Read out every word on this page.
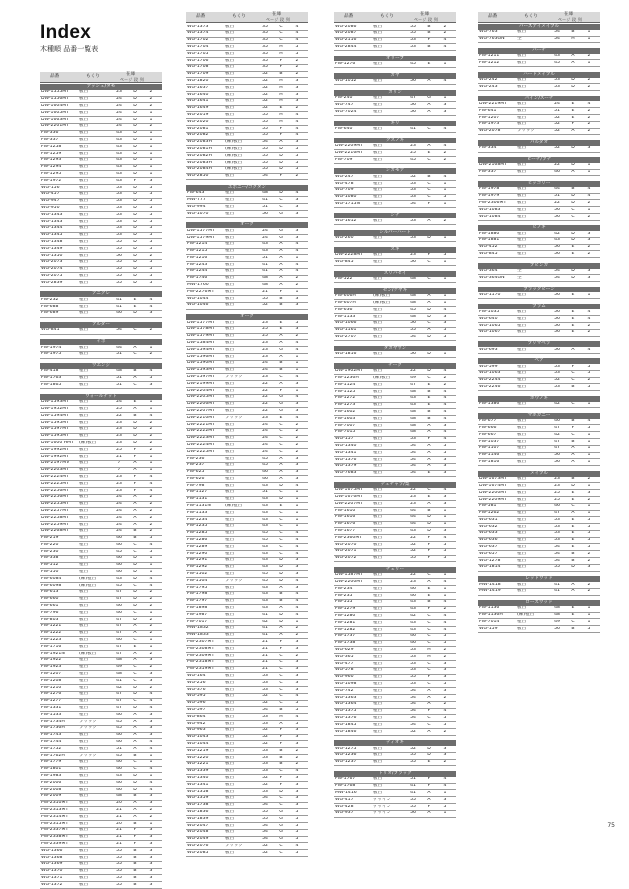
Index
木種順 品番一覧表
品番	もくり	在庫
ページ 段 列
アッシュ/タモ
DW-1555MT	板目	23	D	2
DW-1556MT	板目	24	D	2
DW-1604MT	板目	24	D	2
DW-1605MT	板目	24	D	1
DW-1663MT	板目	24	D	1
DW-2201MT	板目	24	D	2
FW-336	板目	43	D	1
FW-337	板目	43	D	1
FW-1258	板目	43	D	1
FW-1259	板目	43	D	1
FW-1293	板目	43	D	1
FW-1294	板目	43	D	1
FW-1295	板目	43	D	1
FW-1972	板目	43	F	3
WG-156	板目	53	D	5
WG-457	板目	53	D	5
WG-947	板目	53	D	5
WG-950	板目	53	D	5
WG-1343	板目	53	D	5
WG-1343	板目	53	D	5
WG-1344	板目	53	D	5
WG-1345	板目	53	D	5
WG-1348	板目	55	D	5
WG-1349	板目	55	D	5
WG-1350	板目	56	D	2
WG-2073	板目	55	D	5
WG-2074	板目	55	D	5
WG-2075	板目	55	D	5
WG-2839	板目	55	D	5
アニグレ
FW-232	柾目	41	E	4
FW-688	柾目	41	E	4
FW-689	板目	46	D	3
アルダー
WG-841	板目	54	C	2
イボ
FW-1974	板目	44	A	1
FW-1975	板目	51	C	2
ウエンジ
FW-418	柾目	48	B	4
FW-1763	板目	51	A	5
FW-1865	板目	51	C	3
ウォールナット
DW-1593MT	板目	24	E	1
DW-1952MT	板目	25	A	1
DW-1594MT	板目	22	B	4
DW-1595MT	板目	23	D	2
DW-1597MT	板目	23	D	2
DW-1595MT	板目	23	D	2
DW-1600 HMT	(練)板目	23	D	2
DW-1992MT	板目	25	F	2
DW-1992MT	板目	21	F	1
DW-2197MV	板目	7	A	1
DW-2203MT	板目	7	A	1
DW-2224MT	板目	23	F	4
DW-2225MT	板目	23	F	4
DW-2256MT	板目	23	F	4
DW-2256MT	板目	24	A	2
DW-2255MT	板目	24	A	2
DW-2257MT	板目	24	A	2
DW-2258MT	板目	24	A	2
DW-2259MT	板目	24	A	2
DW-2268MT	板目	24	B	2
FW-219	柾目	46	B	5
FW-220	柾目	46	C	4
FW-230	柾目	45	C	5
FW-338	柾目	46	D	1
FW-512	柾目	46	D	1
FW-550	柾目	46	D	1
FW-6084	(練)柾目	43	D	4
FW-6098	(練)柾目	45	C	4
FW-613	板目	47	D	2
FW-660	柾目	47	D	2
FW-661	板目	46	D	2
FW-796	柾目	46	C	1
FW-803	板目	47	D	2
FW-1221	板目	47	A	2
FW-1222	板目	47	A	2
FW-1223	板目	46	C	1
FW-1716	板目	47	E	1
FW-1921N	(練)板目	47	A	2
FW-1922	柾目	48	A	3
FW-1923	柾目	49	C	2
FW-1207	柾目	48	C	3
FW-1208	柾目	41	C	3
FW-1210	柾目	42	D	2
FW-1276	柾目	47	D	4
FW-1277	柾目	47	C	4
FW-1331	柾目	47	D	4
FW-1533	柾目	46	A	3
FW-1734H	ブリック	45	A	3
FW-1736H	ブリック	45	A	3
FW-1743	板目	46	A	3
FW-1744	板目	46	A	4
FW-1752	板目	51	A	4
FW-1762H	ブリック	45	B	1
FW-1779	板目	46	C	1
FW-1801	板目	46	C	4
FW-1983	板目	43	D	1
FW-2006	板目	46	D	4
FW-2008	板目	46	D	4
FW-2009	板目	48	B	3
PW-2310MT	板目	20	A	3
PW-2313MT	板目	21	A	2
PW-2314MT	板目	21	A	2
PW-2315MT	板目	20	B	1
PW-2337MT	板目	21	F	3
PW-2338MT	板目	21	F	3
PW-2339MT	板目	21	F	3
WG-1366	板目	55	B	3
WG-1368	板目	55	B	3
WG-1369	板目	55	B	3
WG-1370	板目	55	B	3
WG-1371	板目	55	B	3
WG-1372	板目	55	B	3
品番	もくり	在庫
ページ 段 列
WG-1373	板目	35	C	4
WG-1374	板目	35	C	4
WG-1702	板目	35	C	4
WG-1704	板目	35	H	5
WG-1705	板目	35	H	5
WG-1706	板目	35	F	2
WG-1708	板目	35	F	2
WG-1709	板目	52	B	2
WG-1820	板目	52	H	3
WG-1637	板目	52	H	3
WG-1640	板目	52	H	3
WG-1641	板目	52	H	3
WG-1649	板目	52	E	2
WG-2019	板目	55	H	4
WG-2020	板目	55	H	4
WG-2081	板目	55	F	4
WG-2082	板目	55	F	4
WG-2083H	(練)板目	54	A	3
WG-2081H	(練)板目	55	D	5
WG-2082H	(練)板目	55	D	5
WG-2083H	(練)板目	55	D	5
WG-2084H	(練)板目	55	D	5
WG-2850	板目	54	F	2
エボニー/コクタン
FW-643	柾目	48	D	4
MW-777	柾目	41	C	3
WG-994	柾目	51	C	3
WG-1070	柾目	56	G	3
オーク
DW-1577MT	板目	24	G	3
DW-1579MT	板目	24	G	3
FW-1214	柾目	43	A	4
FW-1215	柾目	43	A	4
FW-1216	柾目	51	A	1
FW-1243	板目	41	A	4
FW-1244	板目	41	A	4
FW-1746	板目	48	A	2
MW-1760	板目	48	A	2
PW-2276MT	板目	21	F	1
WG-1044	板目	55	B	3
WG-1046	板目	52	B	3
オーク
DW-1577MT	板目	23	E	5
DW-1578MT	板目	25	E	3
DW-1579MT	板目	25	A	2
DW-1584MT	板目	23	A	4
DW-1594MT	板目	23	G	4
DW-1596MT	板目	23	A	1
DW-1590MT	板目	24	B	1
DW-1593MT	板目	24	B	1
DW-1597MT	ブリック	23	C	4
DW-2199MT	板目	22	A	3
DW-2204MT	板目	22	F	1
DW-2205MT	板目	22	G	4
DW-2206MT	板目	22	G	3
DW-2207MT	板目	22	G	3
DW-2210MT	ブリック	23	E	4
DW-2221MT	板目	24	C	2
DW-2222MT	板目	24	C	2
DW-2223MT	板目	24	C	2
DW-2224MT	板目	24	C	2
DW-2225MT	板目	24	C	2
FW-236	柾目	45	A	3
FW-237	柾目	45	A	3
FW-625	柾目	46	A	3
FW-626	柾目	46	A	3
FW-798	板目	43	D	4
FW-1127	板目	51	C	1
FW-1131	柾目	43	D	1
FW-1131N	(練)柾目	43	E	1
FW-1133	柾目	43	C	1
FW-1234	柾目	43	C	1
FW-1235	柾目	43	C	1
FW-1285	柾目	45	C	4
FW-1286	柾目	45	C	4
FW-1289	柾目	43	C	4
FW-1290	柾目	43	C	4
FW-1291	板目	43	D	3
FW-1292	板目	43	D	3
FW-1502	柾目	45	D	3
FW-1504	ブリック	45	D	4
FW-1795	板目	43	A	3
FW-1798	板目	43	B	4
FW-1797	板目	43	B	4
FW-1898	板目	43	A	4
FW-1987	板目	41	D	4
FW-7017	板目	42	D	1
MW-1832	板目	41	A	2
MW-1833	板目	41	A	2
PW-2307MT	板目	21	F	3
PW-2308MT	板目	21	F	3
PW-2309MT	板目	21	C	2
PW-2318MT	板目	21	C	3
PW-2319MT	板目	21	C	3
WG-164	板目	53	C	3
WG-256	板目	53	C	3
WG-376	板目	53	C	3
WG-595	板目	52	C	4
WG-596	板目	52	C	5
WG-597	板目	54	B	5
WG-864	板目	53	H	4
WG-942	板目	53	A	5
WG-963	板目	52	F	3
WG-1043	板目	52	F	3
WG-1044	板目	52	F	3
WG-1219	板目	53	B	2
WG-1220	板目	53	B	2
WG-1221	板目	53	B	2
WG-1339	板目	53	C	4
WG-1340	板目	52	F	3
WG-1341	板目	52	F	3
WG-1358	板目	53	D	3
WG-1359	板目	54	C	3
WG-1738	板目	54	C	3
WG-1836	板目	55	G	5
WG-1839	板目	55	G	5
WG-2047	板目	54	G	5
WG-2048	板目	54	G	5
WG-2049	板目	54	G	5
WG-2076	ブリック	52	C	4
WG-2085	板目	52	C	5
品番	もくり	在庫
ページ 段 列
WG-2086	板目	55	B	2
WG-2087	板目	55	B	2
WG-2116	板目	53	F	4
WG-2844	板目	53	B	4
オリーブ
FW-1276	柾目	45	E	1
カヤ
WG-1052	柾目	56	A	4
カリン
FW-240	柾目	47	G	1
WG-747	柾目	56	A	3
WG-7024	柾目	56	A	3
キリ
FW-640	柾目	41	C	4
クスノキ
DW-2209MT	板目	23	A	4
DW-2216MT	板目	25	E	2
FW-709	柾目	45	C	2
シカモア
WG-247	柾目	52	B	4
WG-478	柾目	53	C	1
WG-709	柾目	53	C	1
WG-1080	柾目	53	C	5
WG-1715N	柾目	54	F	1
シナ
WG-1612	板目	53	A	2
シルバーハート
WG-260	柾目	53	D	1
スギ
DW-2228MT	板目	23	F	5
WG-845	柾目	56	C	1
スリバセイ
FW-522	柾目	48	C	1
セン/ケヤキ
FW-606H	(練)板目	48	A	1
FW-607H	(練)板目	48	A	1
FW-636	柾目	45	D	4
FW-1133	柾目	48	D	3
WG-1066	板目	56	C	3
WG-1161	板目	55	A	5
WG-2707	板目	54	D	5
タガヤサン
WG-1816	板目	56	D	1
チーク
DW-1902MT	板目	22	D	4
FW-1236H	(練)板目	49	C	2
FW-1124	板目	47	E	2
FW-1125	板目	48	B	4
FW-1272	板目	43	E	4
FW-1273	板目	43	E	4
FW-1602	板目	48	B	4
FW-1603	板目	48	B	4
FW-7007	板目	48	A	3
FW-7015	板目	48	A	4
WG-157	板目	53	F	4
WG-1340	柾目	54	A	5
WG-1341	柾目	54	A	5
WG-1376	柾目	54	A	3
WG-1379	柾目	54	A	3
WG-7683	柾目	54	E	3
テュチャラ/梨
DW-1675MT	板目	22	C	4
DW-1676MT	板目	23	E	3
DW-2207MT	板目	23	A	3
FW-1610	板目	44	B	1
FW-1616	板目	44	D	1
FW-1676	板目	44	D	1
FW-1677	板目	43	D	3
FW-2360MT	板目	22	F	4
WG-2070	板目	52	F	5
WG-2071	板目	52	F	5
WG-2072	板目	55	F	5
チェリー
DW-1587MT	板目	22	C	1
DW-2200MT	板目	23	A	4
FW-234	柾目	46	E	1
FW-235	柾目	46	E	1
FW-555	柾目	43	B	4
FW-1279	柾目	43	F	2
FW-1280	柾目	42	C	4
FW-1281	柾目	43	C	4
FW-1282	柾目	43	C	4
FW-1737	柾目	46	C	5
FW-1738	柾目	46	C	5
WG-629	柾目	53	H	2
WG-365	柾目	53	H	2
WG-477	柾目	53	C	3
WG-578	柾目	53	C	3
WG-960	柾目	55	F	3
WG-1098	柾目	53	C	5
WG-742	柾目	54	A	3
WG-1363	柾目	54	A	2
WG-1364	柾目	54	A	2
WG-1375	柾目	54	F	4
WG-1376	柾目	54	C	5
WG-1845	柾目	54	C	5
WG-1846	柾目	52	A	2
ティオキ
WG-1275	板目	52	D	3
WG-1236	板目	55	D	3
WG-1237	板目	55	E	2
トリオ/ブラッグ
FW-1767	板目	51	F	4
FW-1768	板目	41	F	4
MW-1416	板目	41	A	1
WG-417	デザイン	55	A	3
WG-428	デザイン	55	F	5
WG-937	デザイン	56	A	1
品番	もくり	在庫
ページ 段 列
バーズアイメイプル
WG-763	板目	54	B	1
WG-763GN	杢	54	H	1
バーチ
FW-1211	板目	43	A	2
FW-1212	板目	45	A	1
ハードメイプル
WG-242	板目	53	D	2
WG-243	板目	53	D	2
パイン/スーチ
DW-2219MT	板目	24	E	4
FW-641	板目	51	E	2
FW-1207	柾目	52	E	2
FW-1973	板目	52	F	2
WG-2078	ブリック	52	A	2
パルダオ
FW-334	柾目	52	D	3
ビーチ/ブナ
DW-2168MT	板目	22	D	1
FW-337	板目	46	A	1
ヒッコリー
FW-1978	板目	44	B	4
FW-1979	板目	51	D	4
PW-2306MT	板目	22	D	2
WG-1083	柾目	56	C	1
WG-1084	柾目	56	C	2
ヒノキ
FW-1880	柾目	42	D	3
FW-1881	柾目	43	D	3
WG-452	柾目	56	E	2
WG-845	柾目	56	E	2
ブビンガ
WG-364	杢	54	D	3
WG-364GN	杢	54	D	3
ブラックビーン
WG-1170	柾目	56	E	1
プラム
FW-1035	板目	56	E	4
WG-640	柾目	56	E	4
WG-1065	柾目	56	E	2
WG-1067	板目	56	E	2
プリマベラ
WG-693	柾目	56	A	4
ペア
WG-599	柾目	53	F	5
WG-1063	柾目	53	C	5
WG-2244	柾目	52	C	2
WG-2246	柾目	53	B	5
ホウノキ
FW-1386	柾目	42	C	1
マホガニー
FW-677	板目	46	B	4
FW-666	板目	47	F	5
FW-667	板目	42	C	1
FW-1037	柾目	47	B	1
FW-1107	柾目	47	A	1
FW-1146	板目	56	A	1
FW-1816	板目	56	A	1
メイプル
DW-1673MT	板目	23	B	2
DW-1674MT	板目	23	D	1
DW-2200MT	板目	25	E	3
DW-2209MT	板目	25	E	2
FW-581	柾目	46	C	1
FW-1262	柾目	47	A	1
WG-631	柾目	53	E	5
WG-632	柾目	53	E	5
WG-633	柾目	53	E	5
WG-636	柾目	53	E	5
WG-637	柾目	54	E	5
WG-657	柾目	54	B	2
WG-1278	柾目	54	B	2
WG-1814	柾目	55	D	3
レッドウッド
MW-1418	板目	41	A	2
MW-1419	板目	41	A	2
ローズウッド
FW-1136	板目	48	E	1
FW-1136H	(練)柾目	48	E	1
FW-7014	柾目	49	C	1
WG-159	板目	56	B	5
75
